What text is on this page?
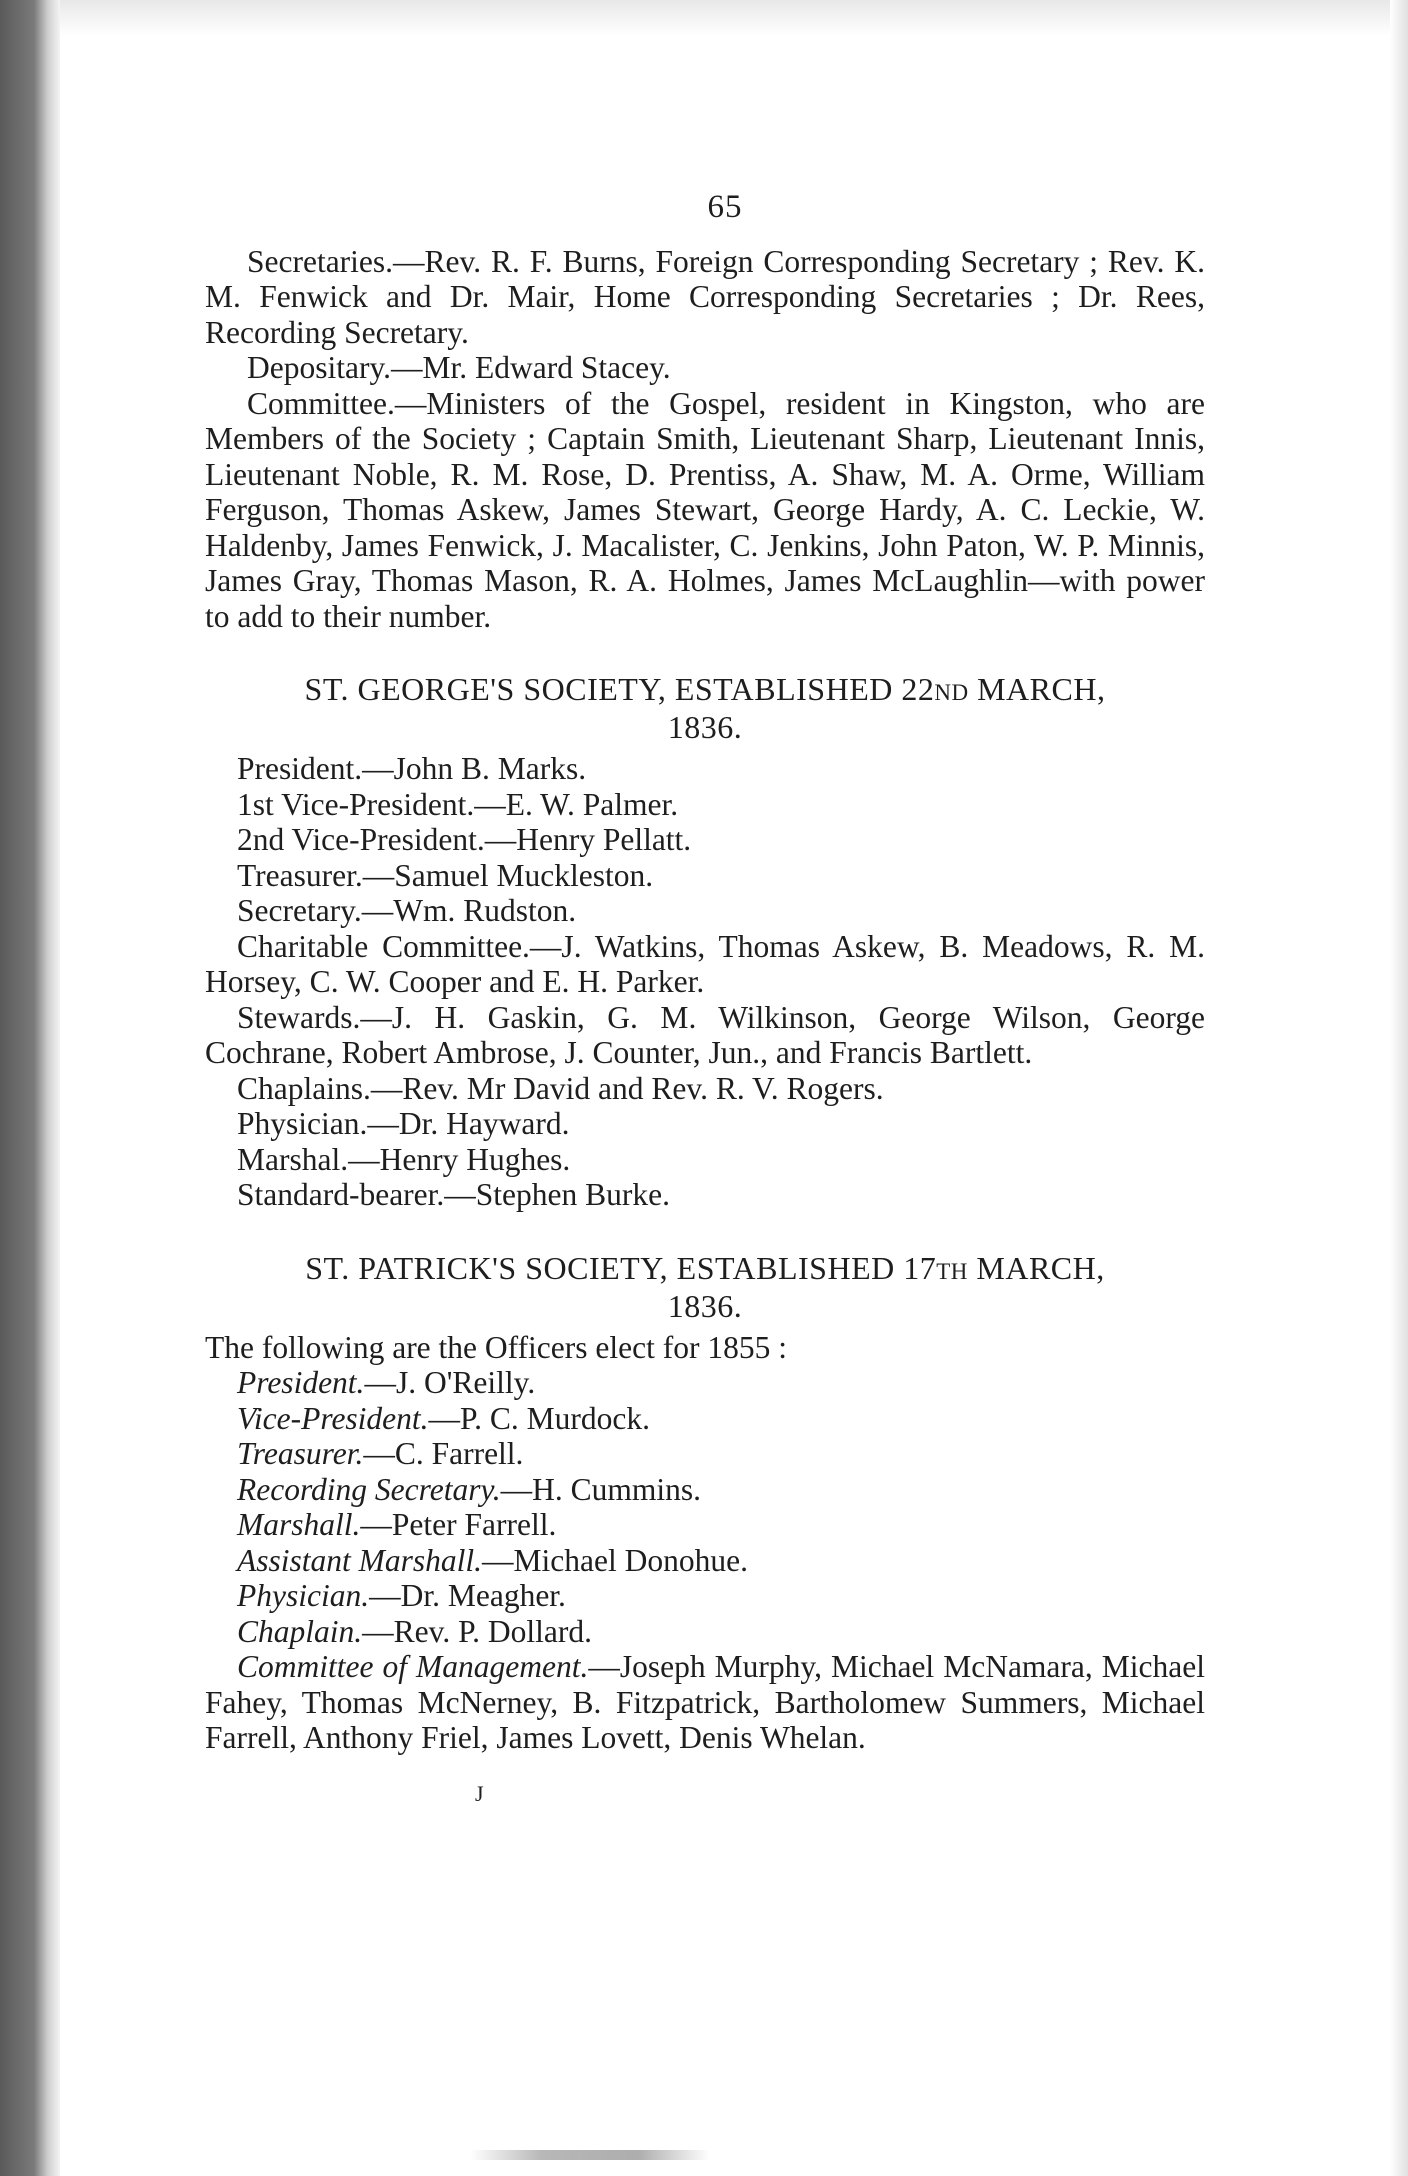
65

Secretaries.—Rev. R. F. Burns, Foreign Corresponding Secretary ; Rev. K. M. Fenwick and Dr. Mair, Home Corresponding Secretaries ; Dr. Rees, Recording Secretary.

Depositary.—Mr. Edward Stacey.

Committee.—Ministers of the Gospel, resident in Kingston, who are Members of the Society ; Captain Smith, Lieutenant Sharp, Lieutenant Innis, Lieutenant Noble, R. M. Rose, D. Prentiss, A. Shaw, M. A. Orme, William Ferguson, Thomas Askew, James Stewart, George Hardy, A. C. Leckie, W. Haldenby, James Fenwick, J. Macalister, C. Jenkins, John Paton, W. P. Minnis, James Gray, Thomas Mason, R. A. Holmes, James McLaughlin—with power to add to their number.

ST. GEORGE'S SOCIETY, ESTABLISHED 22ND MARCH,
1836.

President.—John B. Marks.

1st Vice-President.—E. W. Palmer.

2nd Vice-President.—Henry Pellatt.

Treasurer.—Samuel Muckleston.

Secretary.—Wm. Rudston.

Charitable Committee.—J. Watkins, Thomas Askew, B. Meadows, R. M. Horsey, C. W. Cooper and E. H. Parker.

Stewards.—J. H. Gaskin, G. M. Wilkinson, George Wilson, George Cochrane, Robert Ambrose, J. Counter, Jun., and Francis Bartlett.

Chaplains.—Rev. Mr David and Rev. R. V. Rogers.

Physician.—Dr. Hayward.

Marshal.—Henry Hughes.

Standard-bearer.—Stephen Burke.

ST. PATRICK'S SOCIETY, ESTABLISHED 17TH MARCH,
1836.

The following are the Officers elect for 1855 :

President.—J. O'Reilly.

Vice-President.—P. C. Murdock.

Treasurer.—C. Farrell.

Recording Secretary.—H. Cummins.

Marshall.—Peter Farrell.

Assistant Marshall.—Michael Donohue.

Physician.—Dr. Meagher.

Chaplain.—Rev. P. Dollard.

Committee of Management.—Joseph Murphy, Michael McNamara, Michael Fahey, Thomas McNerney, B. Fitzpatrick, Bartholomew Summers, Michael Farrell, Anthony Friel, James Lovett, Denis Whelan.

J
